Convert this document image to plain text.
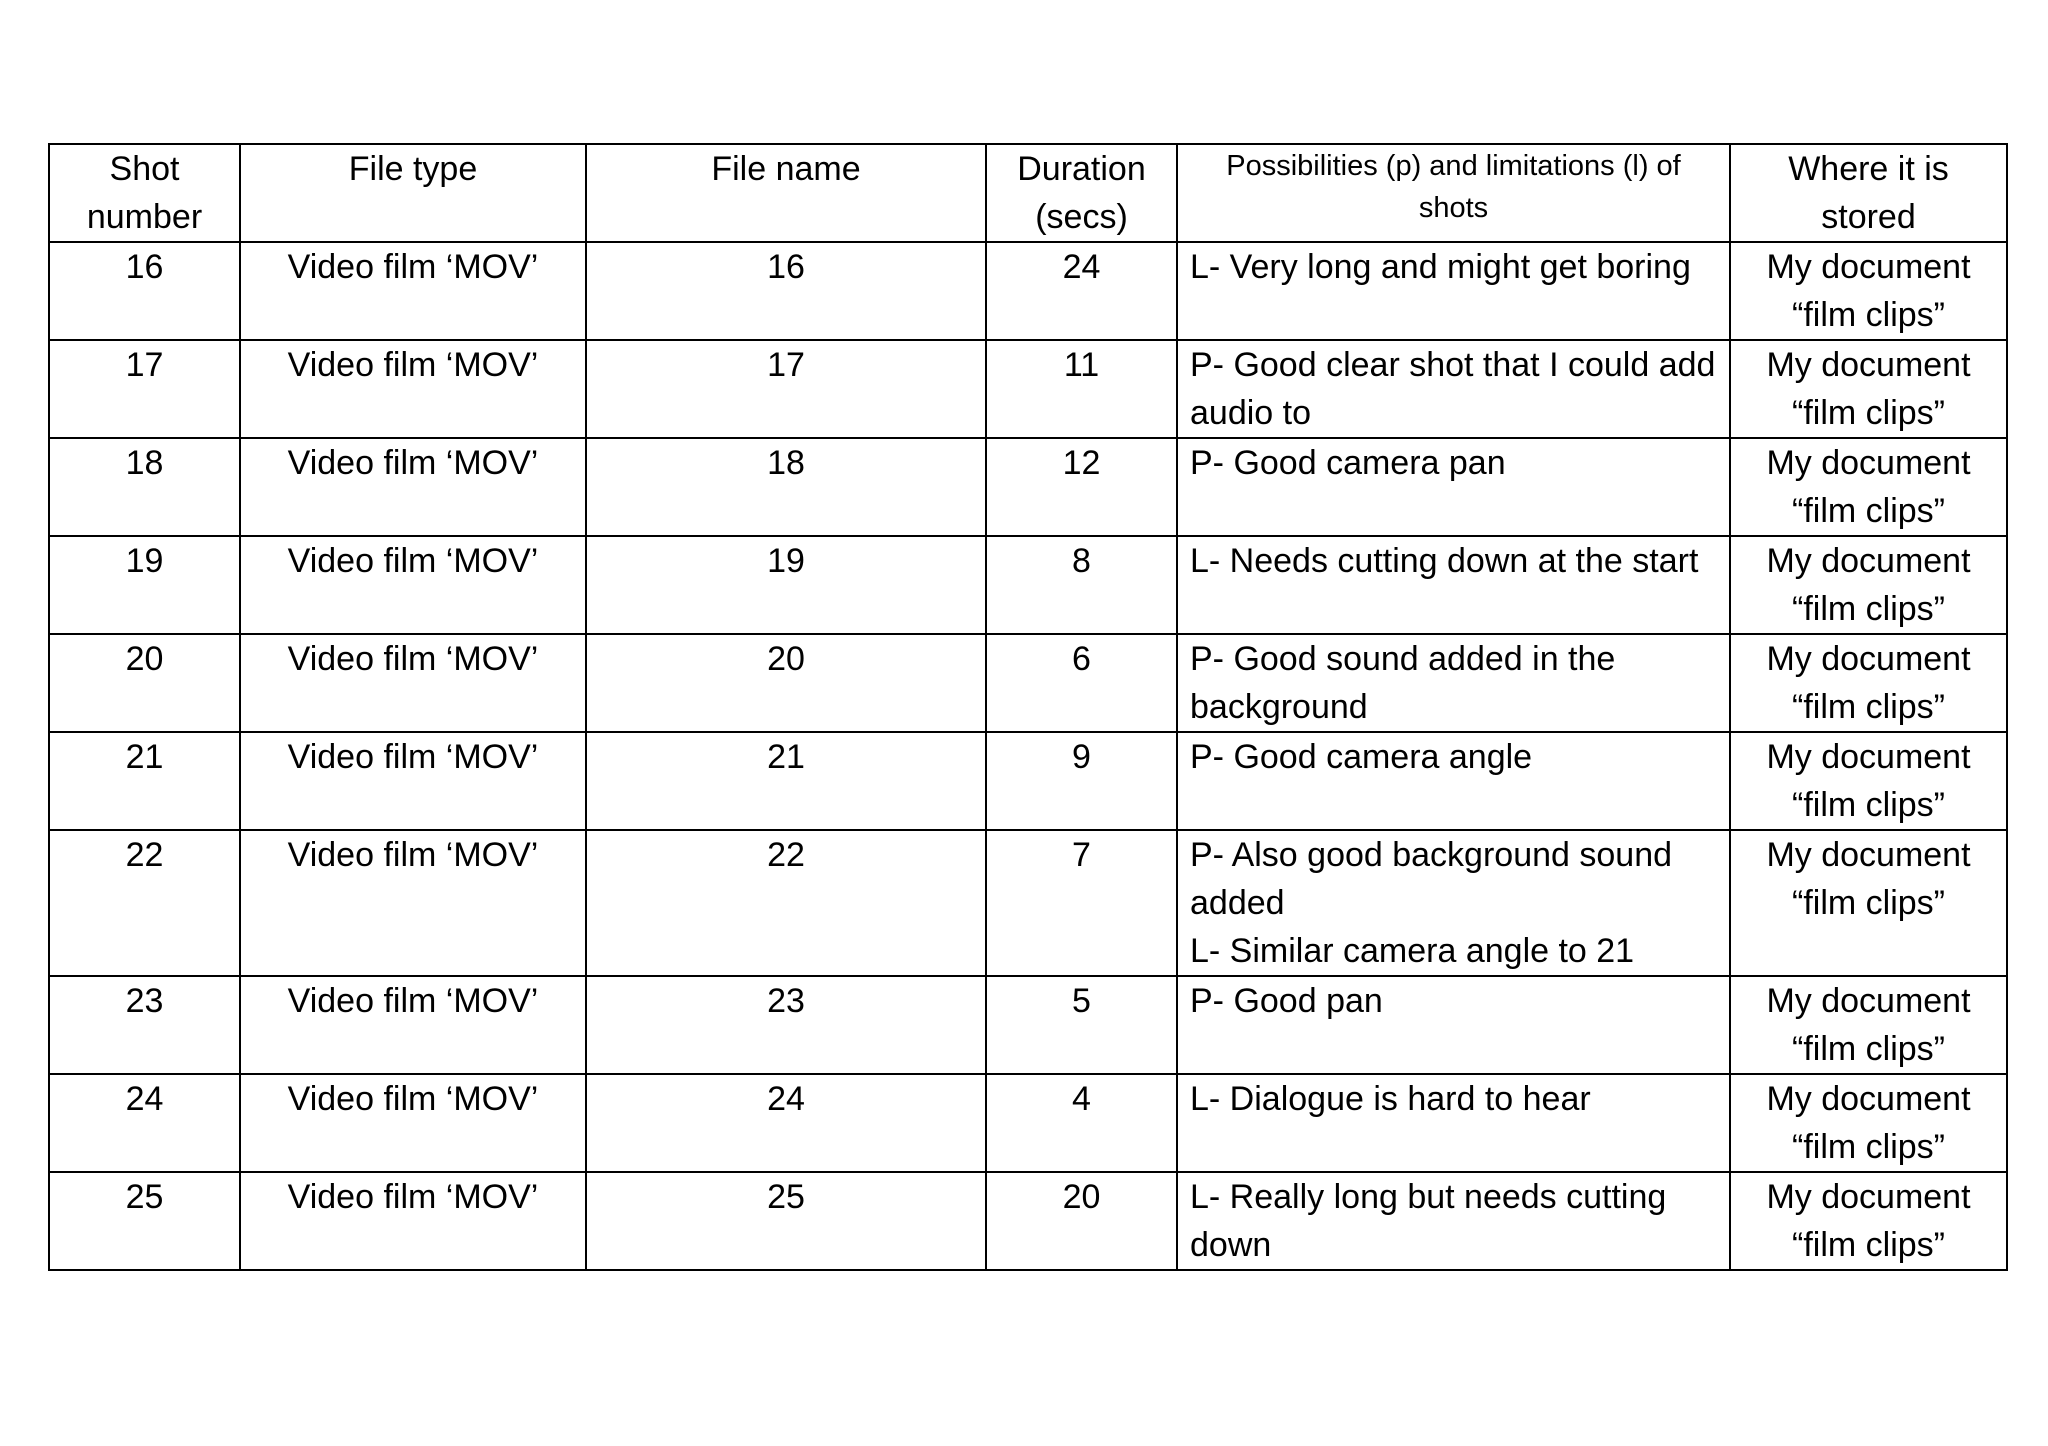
Shot number	File type	File name	Duration (secs)	Possibilities (p) and limitations (l) of shots	Where it is stored
16	Video film ‘MOV’	16	24	L- Very long and might get boring	My document
“film clips”

17	Video film ‘MOV’	17	11	P- Good clear shot that I could add audio to	My document
“film clips”

18	Video film ‘MOV’	18	12	P- Good camera pan	My document
“film clips”

19	Video film ‘MOV’	19	8	L- Needs cutting down at the start	My document
“film clips”

20	Video film ‘MOV’	20	6	P- Good sound added in the background	My document
“film clips”

21	Video film ‘MOV’	21	9	P- Good camera angle	My document
“film clips”

22	Video film ‘MOV’	22	7	P- Also good background sound added
L- Similar camera angle to 21	My document
“film clips”

23	Video film ‘MOV’	23	5	P- Good pan	My document
“film clips”

24	Video film ‘MOV’	24	4	L- Dialogue is hard to hear	My document
“film clips”

25	Video film ‘MOV’	25	20	L- Really long but needs cutting down	My document
“film clips”
